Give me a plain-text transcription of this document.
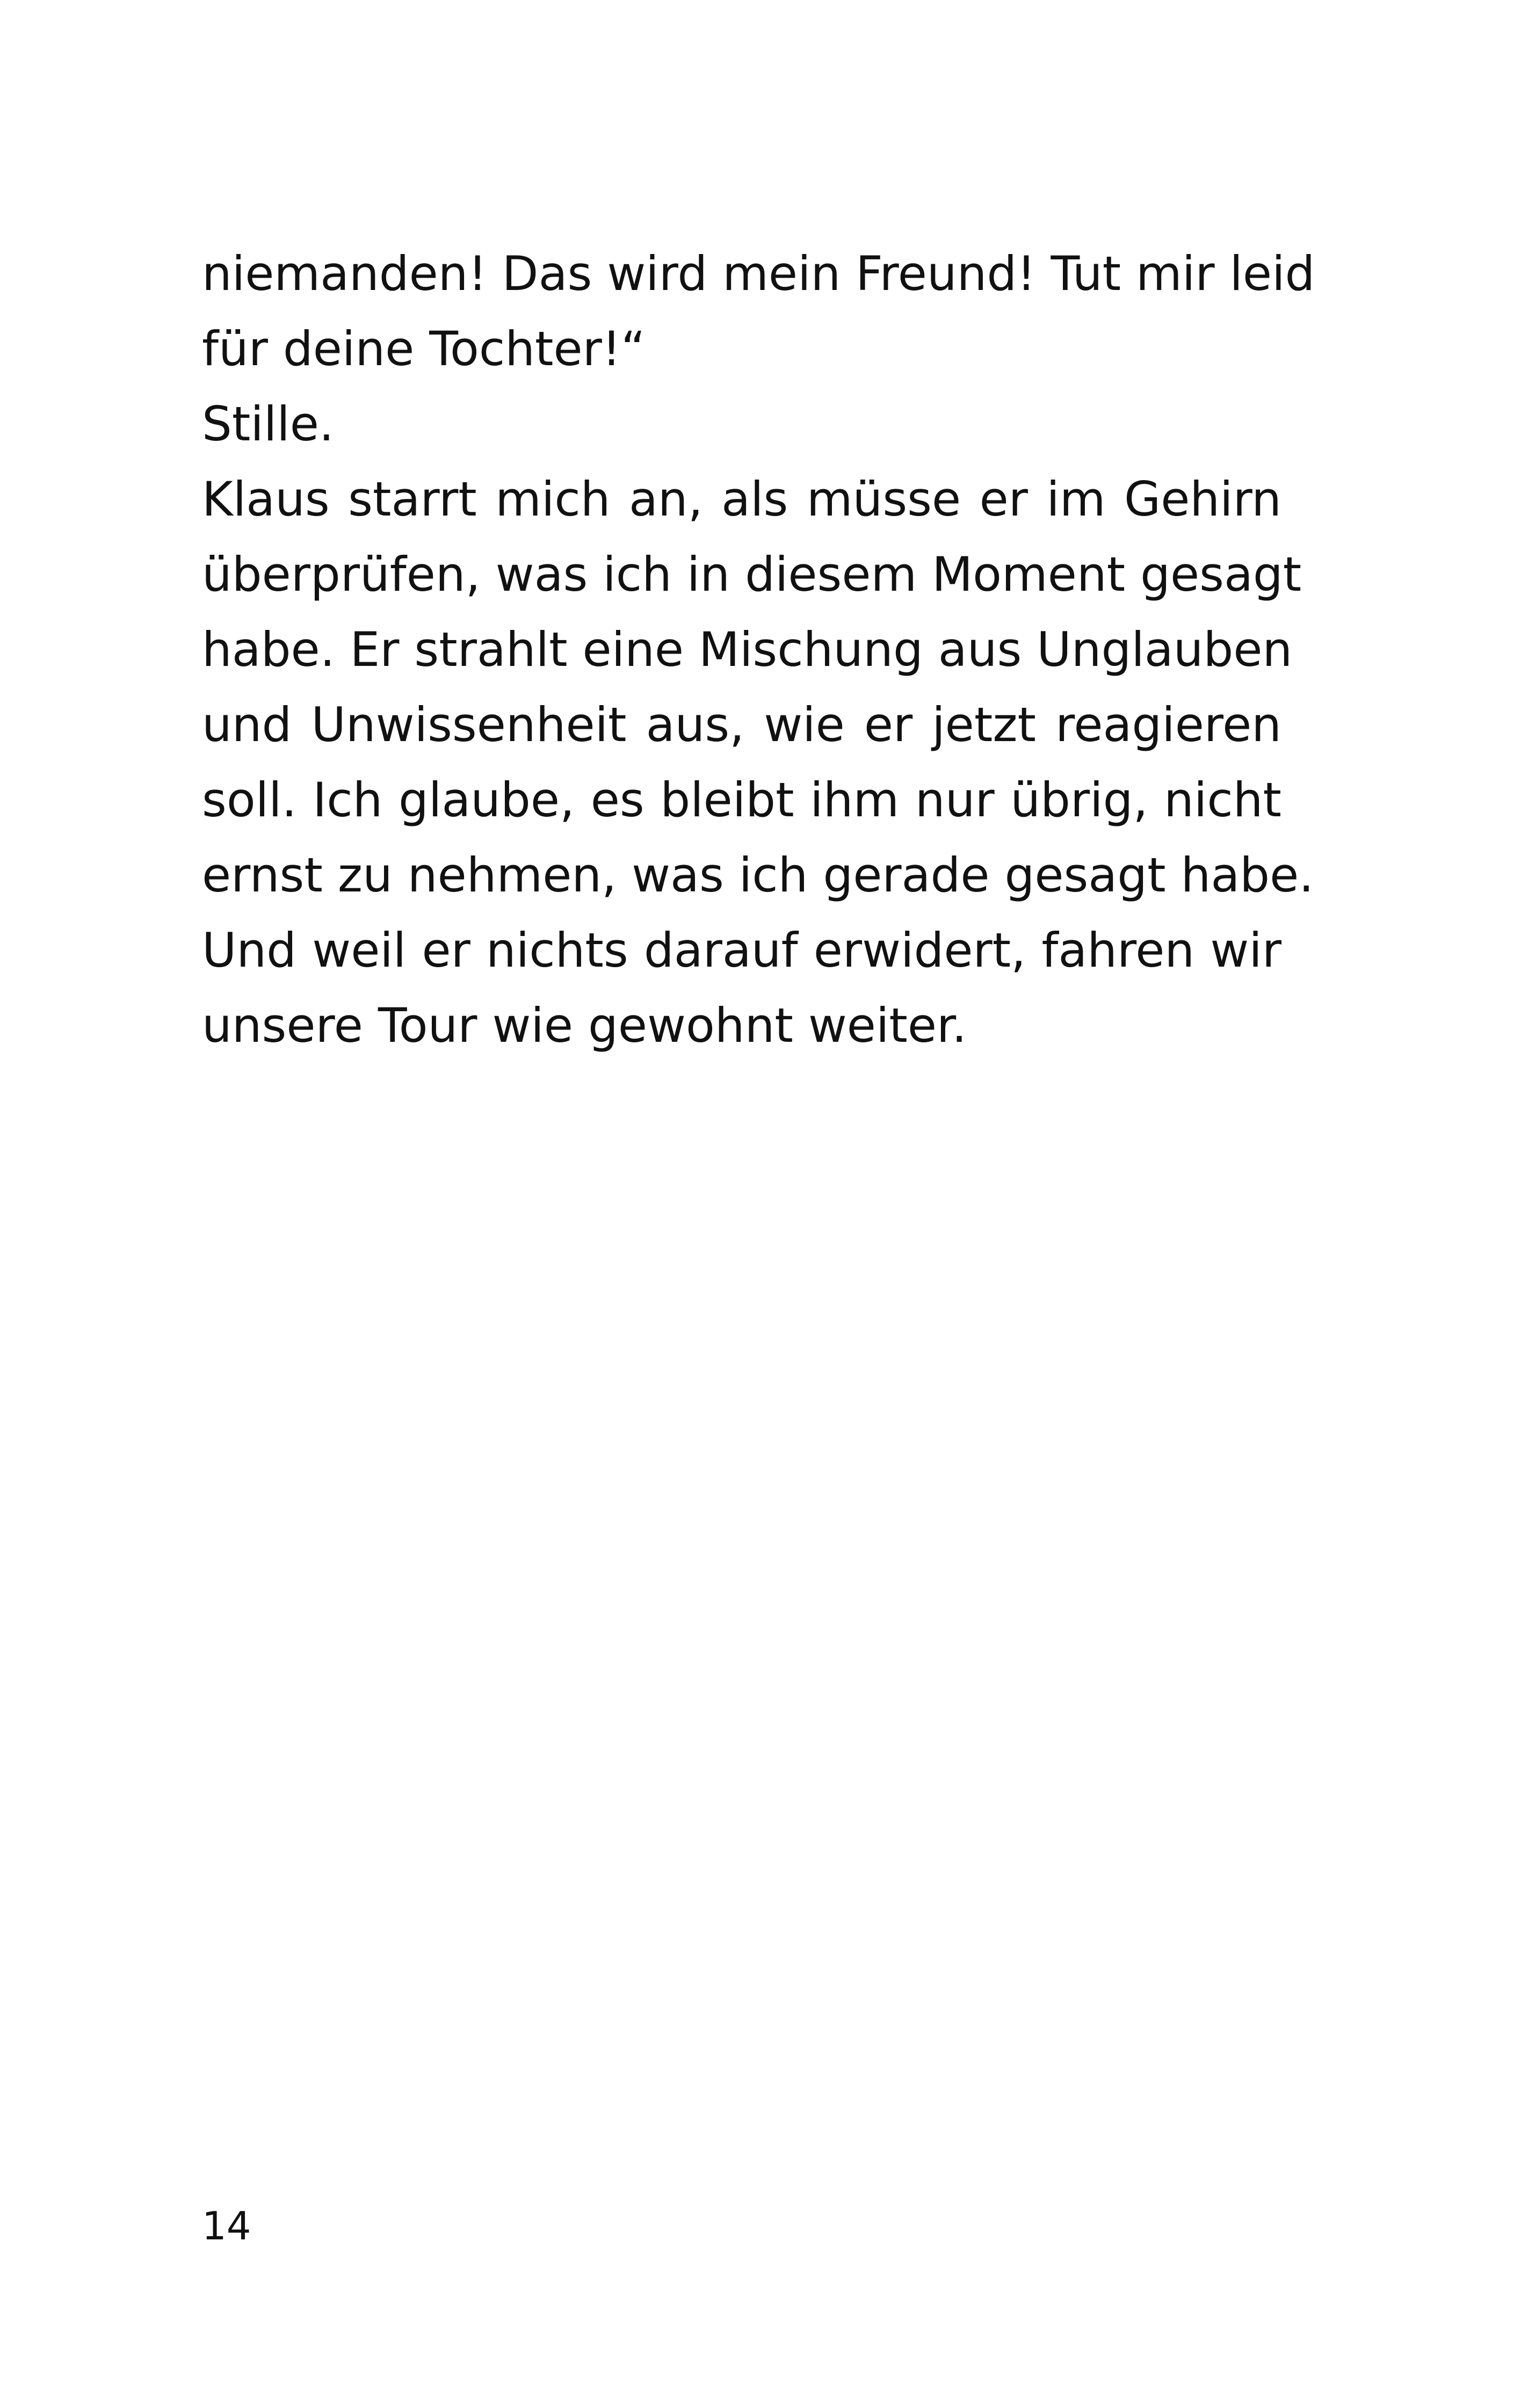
niemanden! Das wird mein Freund! Tut mir leid
für deine Tochter!“
Stille.
Klaus starrt mich an, als müsse er im Gehirn
überprüfen, was ich in diesem Moment gesagt
habe. Er strahlt eine Mischung aus Unglauben
und Unwissenheit aus, wie er jetzt reagieren
soll. Ich glaube, es bleibt ihm nur übrig, nicht
ernst zu nehmen, was ich gerade gesagt habe.
Und weil er nichts darauf erwidert, fahren wir
unsere Tour wie gewohnt weiter.
14
